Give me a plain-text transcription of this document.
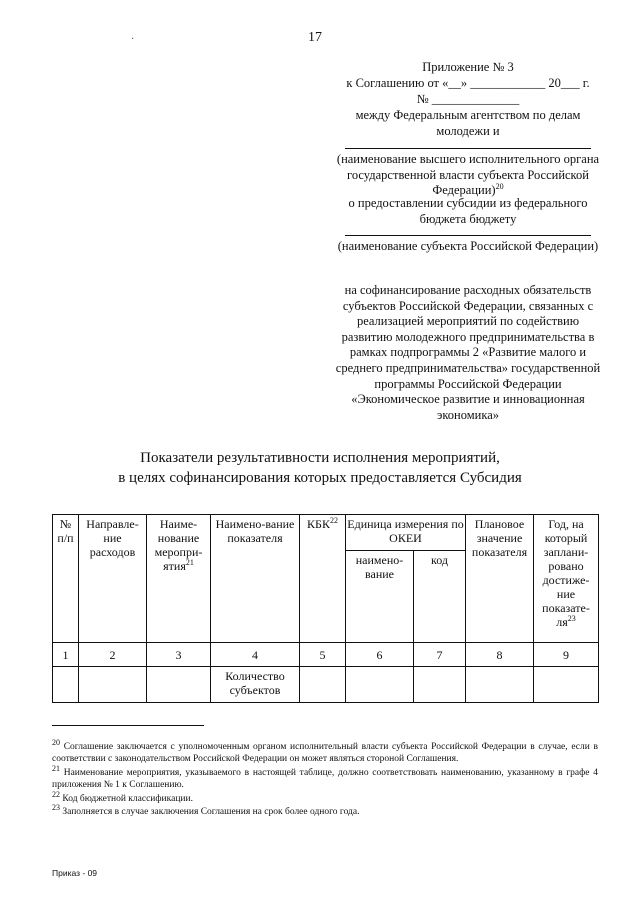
17
·
Приложение № 3
к Соглашению от «__» ____________ 20___ г.
№ ______________
между Федеральным агентством по делам молодежи и
(наименование высшего исполнительного органа государственной власти субъекта Российской Федерации)$^{20}$
о предоставлении субсидии из федерального бюджета бюджету
(наименование субъекта Российской Федерации)
на софинансирование расходных обязательств субъектов Российской Федерации, связанных с реализацией мероприятий по содействию развитию молодежного предпринимательства в рамках подпрограммы 2 «Развитие малого и среднего предпринимательства» государственной программы Российской Федерации «Экономическое развитие и инновационная экономика»
Показатели результативности исполнения мероприятий,
в целях софинансирования которых предоставляется Субсидия
№ п/п	Направле-ние расходов	Наиме-нование меропри-ятия$^{21}$	Наимено-вание показателя	КБК$^{22}$	Единица измерения по ОКЕИ		Плановое значение показателя	Год, на который заплани-ровано достиже-ние показате-$ля^{23}$
					наимено-вание	код		
1	2	3	4	5	6	7	8	9
			Количество субъектов					
$^{20}$ Соглашение заключается с уполномоченным органом исполнительный власти субъекта Российской Федерации в случае, если в соответствии с законодательством Российской Федерации он может являться стороной Соглашения.
$^{21}$ Наименование мероприятия, указываемого в настоящей таблице, должно соответствовать наименованию, указанному в графе 4 приложения № 1 к Соглашению.
$^{22}$ Код бюджетной классификации.
$^{23}$ Заполняется в случае заключения Соглашения на срок более одного года.
Приказ - 09
